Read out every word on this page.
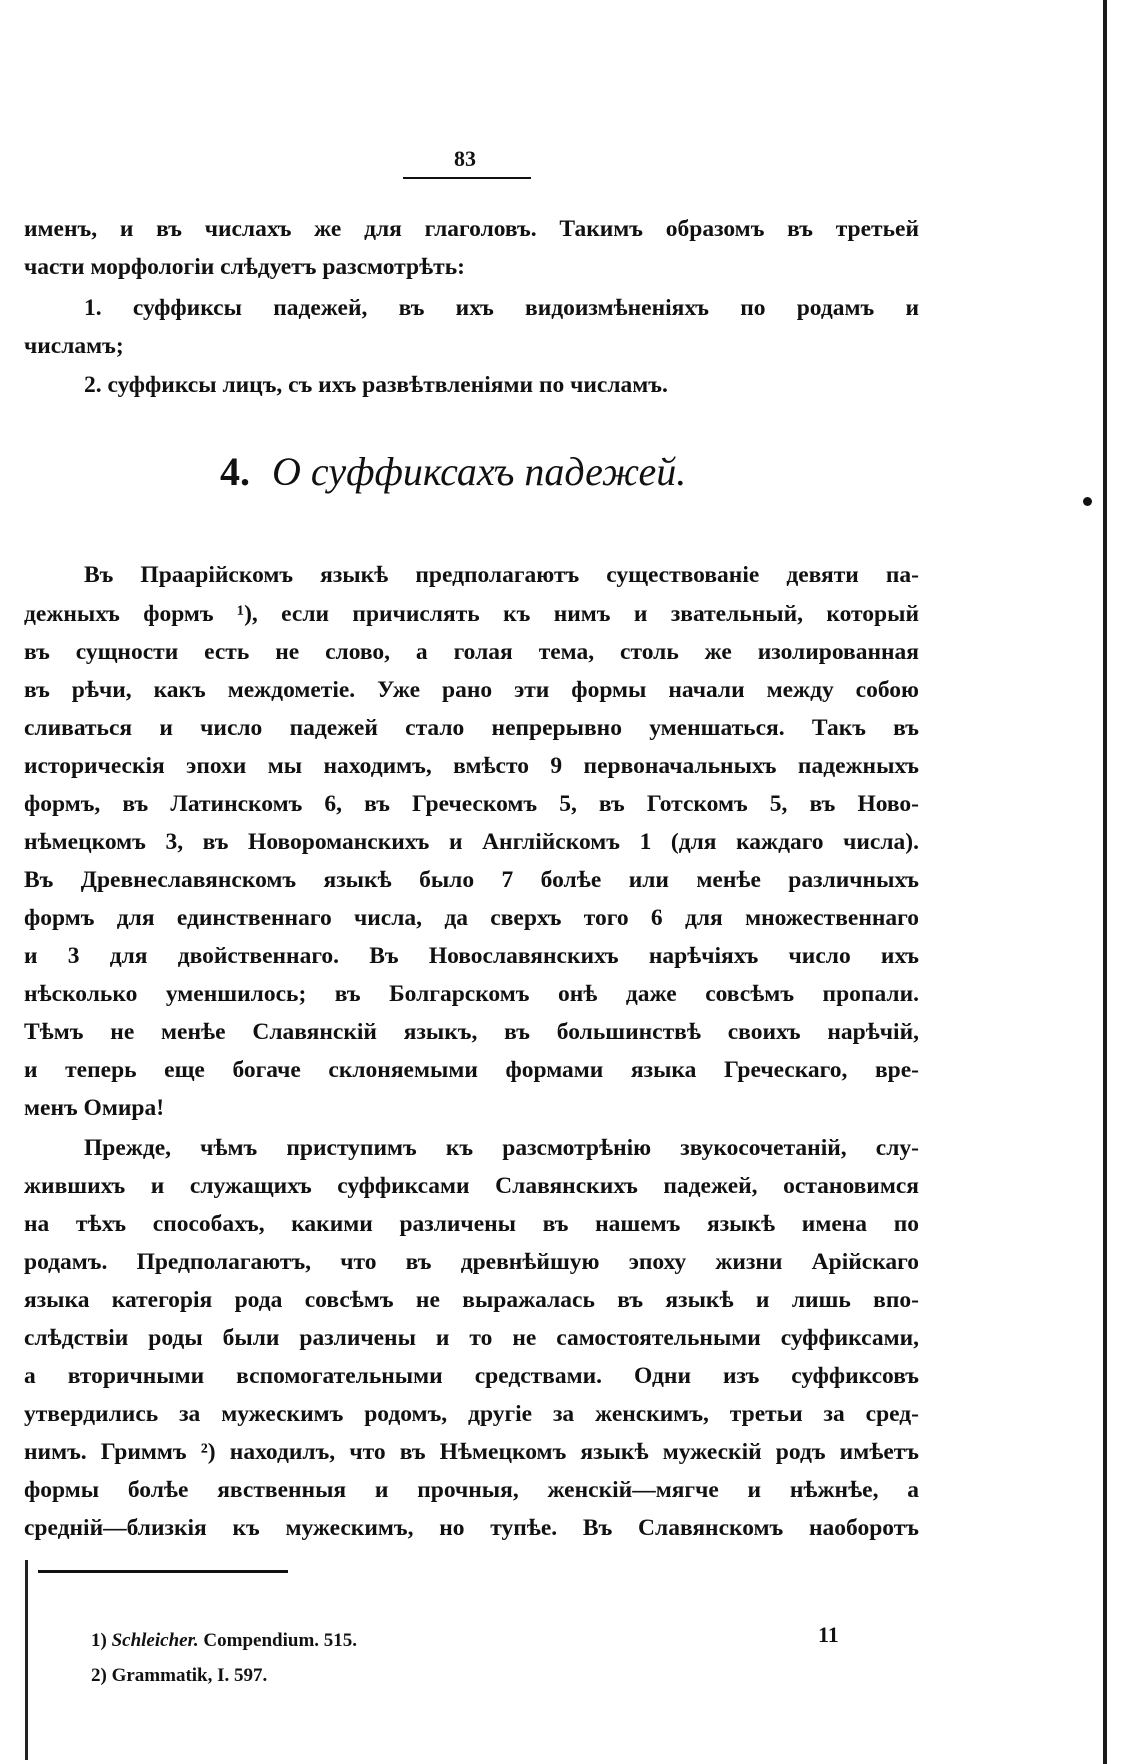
83

именъ, и въ числахъ же для глаголовъ. Такимъ образомъ въ третьей

части морфологіи слѣдуетъ разсмотрѣть:

1. суффиксы падежей, въ ихъ видоизмѣненіяхъ по родамъ и

числамъ;

2. суффиксы лицъ, съ ихъ развѣтвленіями по числамъ.

4. О суффиксахъ падежей.

Въ Праарійскомъ языкѣ предполагаютъ существованіе девяти па-

дежныхъ формъ ¹), если причислять къ нимъ и звательный, который

въ сущности есть не слово, а голая тема, столь же изолированная

въ рѣчи, какъ междометіе. Уже рано эти формы начали между собою

сливаться и число падежей стало непрерывно уменшаться. Такъ въ

историческія эпохи мы находимъ, вмѣсто 9 первоначальныхъ падежныхъ

формъ, въ Латинскомъ 6, въ Греческомъ 5, въ Готскомъ 5, въ Ново-

нѣмецкомъ 3, въ Новороманскихъ и Англійскомъ 1 (для каждаго числа).

Въ Древнеславянскомъ языкѣ было 7 болѣе или менѣе различныхъ

формъ для единственнаго числа, да сверхъ того 6 для множественнаго

и 3 для двойственнаго. Въ Новославянскихъ нарѣчіяхъ число ихъ

нѣсколько уменшилось; въ Болгарскомъ онѣ даже совсѣмъ пропали.

Тѣмъ не менѣе Славянскій языкъ, въ большинствѣ своихъ нарѣчій,

и теперь еще богаче склоняемыми формами языка Греческаго, вре-

менъ Омира!

Прежде, чѣмъ приступимъ къ разсмотрѣнію звукосочетаній, слу-

жившихъ и служащихъ суффиксами Славянскихъ падежей, остановимся

на тѣхъ способахъ, какими различены въ нашемъ языкѣ имена по

родамъ. Предполагаютъ, что въ древнѣйшую эпоху жизни Арійскаго

языка категорія рода совсѣмъ не выражалась въ языкѣ и лишь впо-

слѣдствіи роды были различены и то не самостоятельными суффиксами,

а вторичными вспомогательными средствами. Одни изъ суффиксовъ

утвердились за мужескимъ родомъ, другіе за женскимъ, третьи за сред-

нимъ. Гриммъ ²) находилъ, что въ Нѣмецкомъ языкѣ мужескій родъ имѣетъ

формы болѣе явственныя и прочныя, женскій—мягче и нѣжнѣе, а

средній—близкія къ мужескимъ, но тупѣе. Въ Славянскомъ наоборотъ

1) Schleicher. Compendium. 515.
2) Grammatik, I. 597.
11
